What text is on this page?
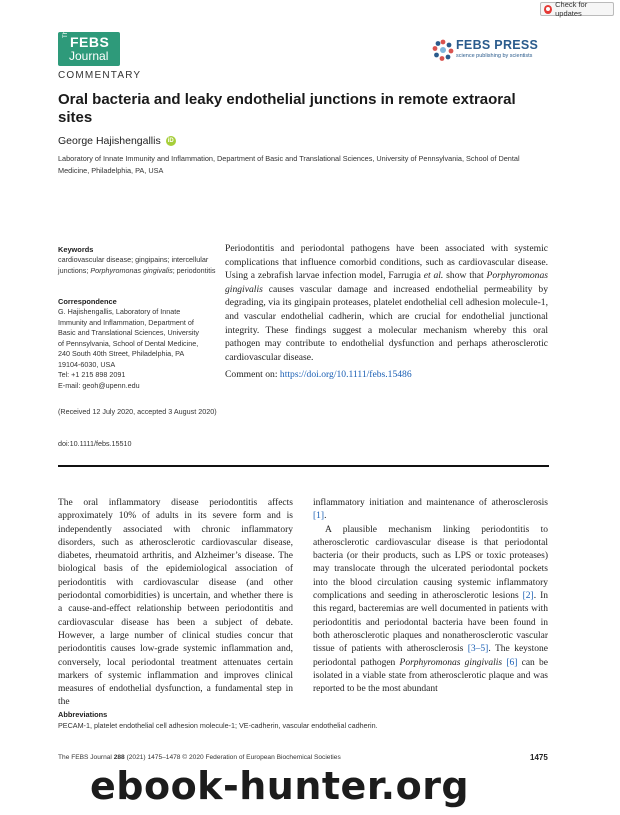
Check for updates
The
FEBS
Journal
FEBS PRESS
science publishing by scientists
COMMENTARY
Oral bacteria and leaky endothelial junctions in remote extraoral sites
George Hajishengallis	iD
Laboratory of Innate Immunity and Inflammation, Department of Basic and Translational Sciences, University of Pennsylvania, School of Dental Medicine, Philadelphia, PA, USA
Keywords
cardiovascular disease; gingipains; intercellular junctions; Porphyromonas gingivalis; periodontitis
Correspondence
G. Hajishengallis, Laboratory of Innate
Immunity and Inflammation, Department of
Basic and Translational Sciences, University
of Pennsylvania, School of Dental Medicine,
240 South 40th Street, Philadelphia, PA
19104-6030, USA
Tel: +1 215 898 2091
E-mail: geoh@upenn.edu
(Received 12 July 2020, accepted 3 August 2020)
doi:10.1111/febs.15510
Periodontitis and periodontal pathogens have been associated with systemic complications that influence comorbid conditions, such as cardiovascular disease. Using a zebrafish larvae infection model, Farrugia et al. show that Porphyromonas gingivalis causes vascular damage and increased endothelial permeability by degrading, via its gingipain proteases, platelet endothelial cell adhesion molecule-1, and vascular endothelial cadherin, which are crucial for endothelial junctional integrity. These findings suggest a molecular mechanism whereby this oral pathogen may contribute to endothelial dysfunction and perhaps atherosclerotic cardiovascular disease.
Comment on: https://doi.org/10.1111/febs.15486
The oral inflammatory disease periodontitis affects approximately 10% of adults in its severe form and is independently associated with chronic inflammatory disorders, such as atherosclerotic cardiovascular disease, diabetes, rheumatoid arthritis, and Alzheimer’s disease. The biological basis of the epidemiological association of periodontitis with cardiovascular disease (and other periodontal comorbidities) is uncertain, and whether there is a cause-and-effect relationship between periodontitis and cardiovascular disease has been a subject of debate. However, a large number of clinical studies concur that periodontitis causes low-grade systemic inflammation and, conversely, local periodontal treatment attenuates certain markers of systemic inflammation and improves clinical measures of endothelial dysfunction, a fundamental step in the
inflammatory initiation and maintenance of atherosclerosis [1].
A plausible mechanism linking periodontitis to atherosclerotic cardiovascular disease is that periodontal bacteria (or their products, such as LPS or toxic proteases) may translocate through the ulcerated periodontal pockets into the blood circulation causing systemic inflammatory complications and seeding in atherosclerotic lesions [2]. In this regard, bacteremias are well documented in patients with periodontitis and periodontal bacteria have been found in both atherosclerotic plaques and nonatherosclerotic vascular tissue of patients with atherosclerosis [3–5]. The keystone periodontal pathogen Porphyromonas gingivalis [6] can be isolated in a viable state from atherosclerotic plaque and was reported to be the most abundant
Abbreviations
PECAM-1, platelet endothelial cell adhesion molecule-1; VE-cadherin, vascular endothelial cadherin.
The FEBS Journal 288 (2021) 1475–1478 © 2020 Federation of European Biochemical Societies	1475
ebook-hunter.org
